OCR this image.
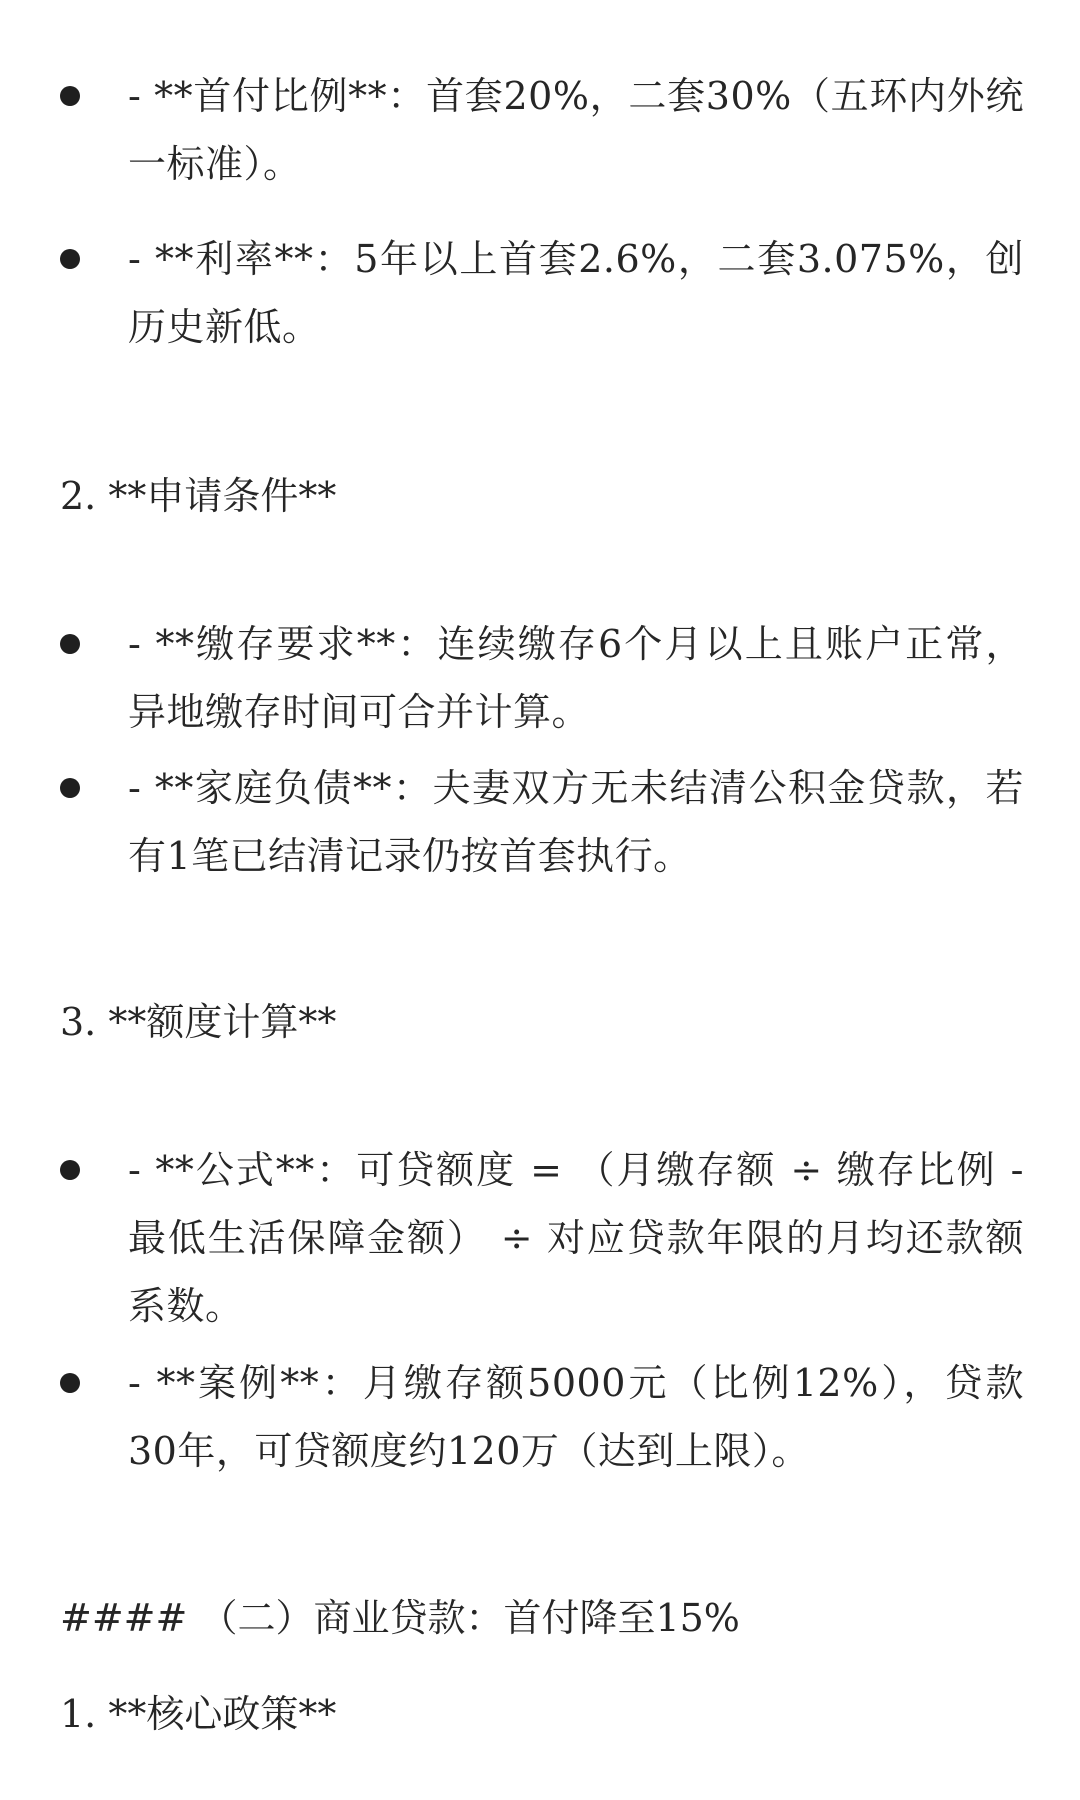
- **首付比例**：首套20%，二套30%（五环内外统一标准）。

- **利率**：5年以上首套2.6%，二套3.075%，创历史新低。

2. **申请条件**

- **缴存要求**：连续缴存6个月以上且账户正常，异地缴存时间可合并计算。

- **家庭负债**：夫妻双方无未结清公积金贷款，若有1笔已结清记录仍按首套执行。

3. **额度计算**

- **公式**：可贷额度 = （月缴存额 ÷ 缴存比例 - 最低生活保障金额） ÷ 对应贷款年限的月均还款额系数。

- **案例**：月缴存额5000元（比例12%），贷款30年，可贷额度约120万（达到上限）。

#### （二）商业贷款：首付降至15%

1. **核心政策**
